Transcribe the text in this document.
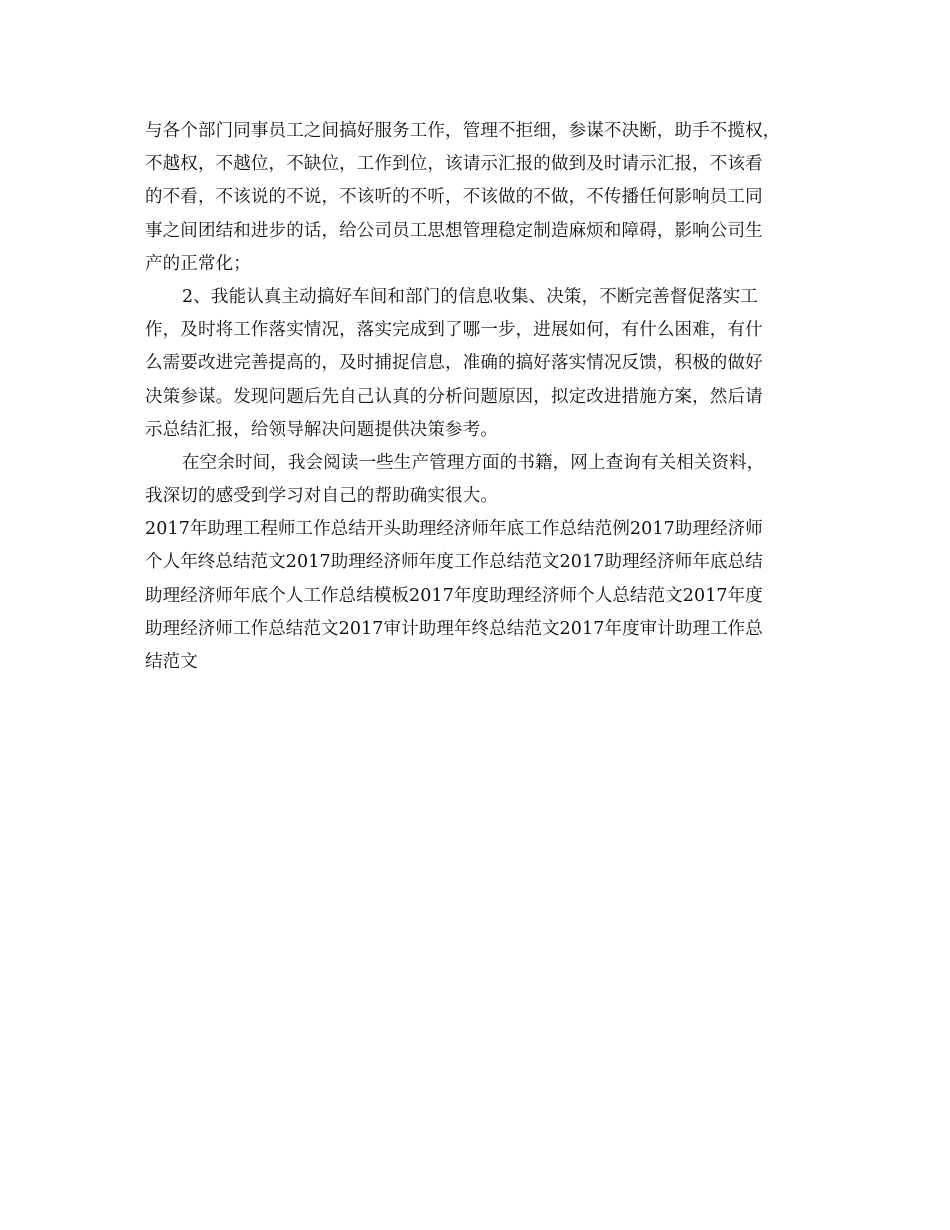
与各个部门同事员工之间搞好服务工作，管理不拒细，参谋不决断，助手不揽权，
不越权，不越位，不缺位，工作到位，该请示汇报的做到及时请示汇报，不该看
的不看，不该说的不说，不该听的不听，不该做的不做，不传播任何影响员工同
事之间团结和进步的话，给公司员工思想管理稳定制造麻烦和障碍，影响公司生
产的正常化；
2、我能认真主动搞好车间和部门的信息收集、决策，不断完善督促落实工
作，及时将工作落实情况，落实完成到了哪一步，进展如何，有什么困难，有什
么需要改进完善提高的，及时捕捉信息，准确的搞好落实情况反馈，积极的做好
决策参谋。发现问题后先自己认真的分析问题原因，拟定改进措施方案，然后请
示总结汇报，给领导解决问题提供决策参考。
在空余时间，我会阅读一些生产管理方面的书籍，网上查询有关相关资料，
我深切的感受到学习对自己的帮助确实很大。
2017年助理工程师工作总结开头助理经济师年底工作总结范例2017助理经济师
个人年终总结范文2017助理经济师年度工作总结范文2017助理经济师年底总结
助理经济师年底个人工作总结模板2017年度助理经济师个人总结范文2017年度
助理经济师工作总结范文2017审计助理年终总结范文2017年度审计助理工作总
结范文
